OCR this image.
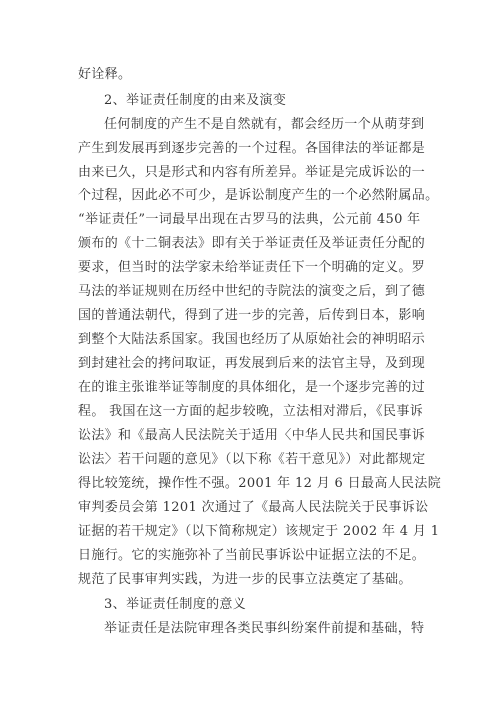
好诠释。
2、举证责任制度的由来及演变
任何制度的产生不是自然就有，都会经历一个从萌芽到
产生到发展再到逐步完善的一个过程。各国律法的举证都是
由来已久，只是形式和内容有所差异。举证是完成诉讼的一
个过程，因此必不可少，是诉讼制度产生的一个必然附属品。
“举证责任”一词最早出现在古罗马的法典，公元前 450 年
颁布的《十二铜表法》即有关于举证责任及举证责任分配的
要求，但当时的法学家未给举证责任下一个明确的定义。罗
马法的举证规则在历经中世纪的寺院法的演变之后，到了德
国的普通法朝代，得到了进一步的完善，后传到日本，影响
到整个大陆法系国家。我国也经历了从原始社会的神明昭示
到封建社会的拷问取证，再发展到后来的法官主导，及到现
在的谁主张谁举证等制度的具体细化，是一个逐步完善的过
程。 我国在这一方面的起步较晚，立法相对滞后，《民事诉
讼法》和《最高人民法院关于适用〈中华人民共和国民事诉
讼法〉若干问题的意见》（以下称《若干意见》）对此都规定
得比较笼统，操作性不强。2001 年 12 月 6 日最高人民法院
审判委员会第 1201 次通过了《最高人民法院关于民事诉讼
证据的若干规定》（以下简称规定）该规定于 2002 年 4 月 1
日施行。它的实施弥补了当前民事诉讼中证据立法的不足。
规范了民事审判实践，为进一步的民事立法奠定了基础。
3、举证责任制度的意义
举证责任是法院审理各类民事纠纷案件前提和基础，特
